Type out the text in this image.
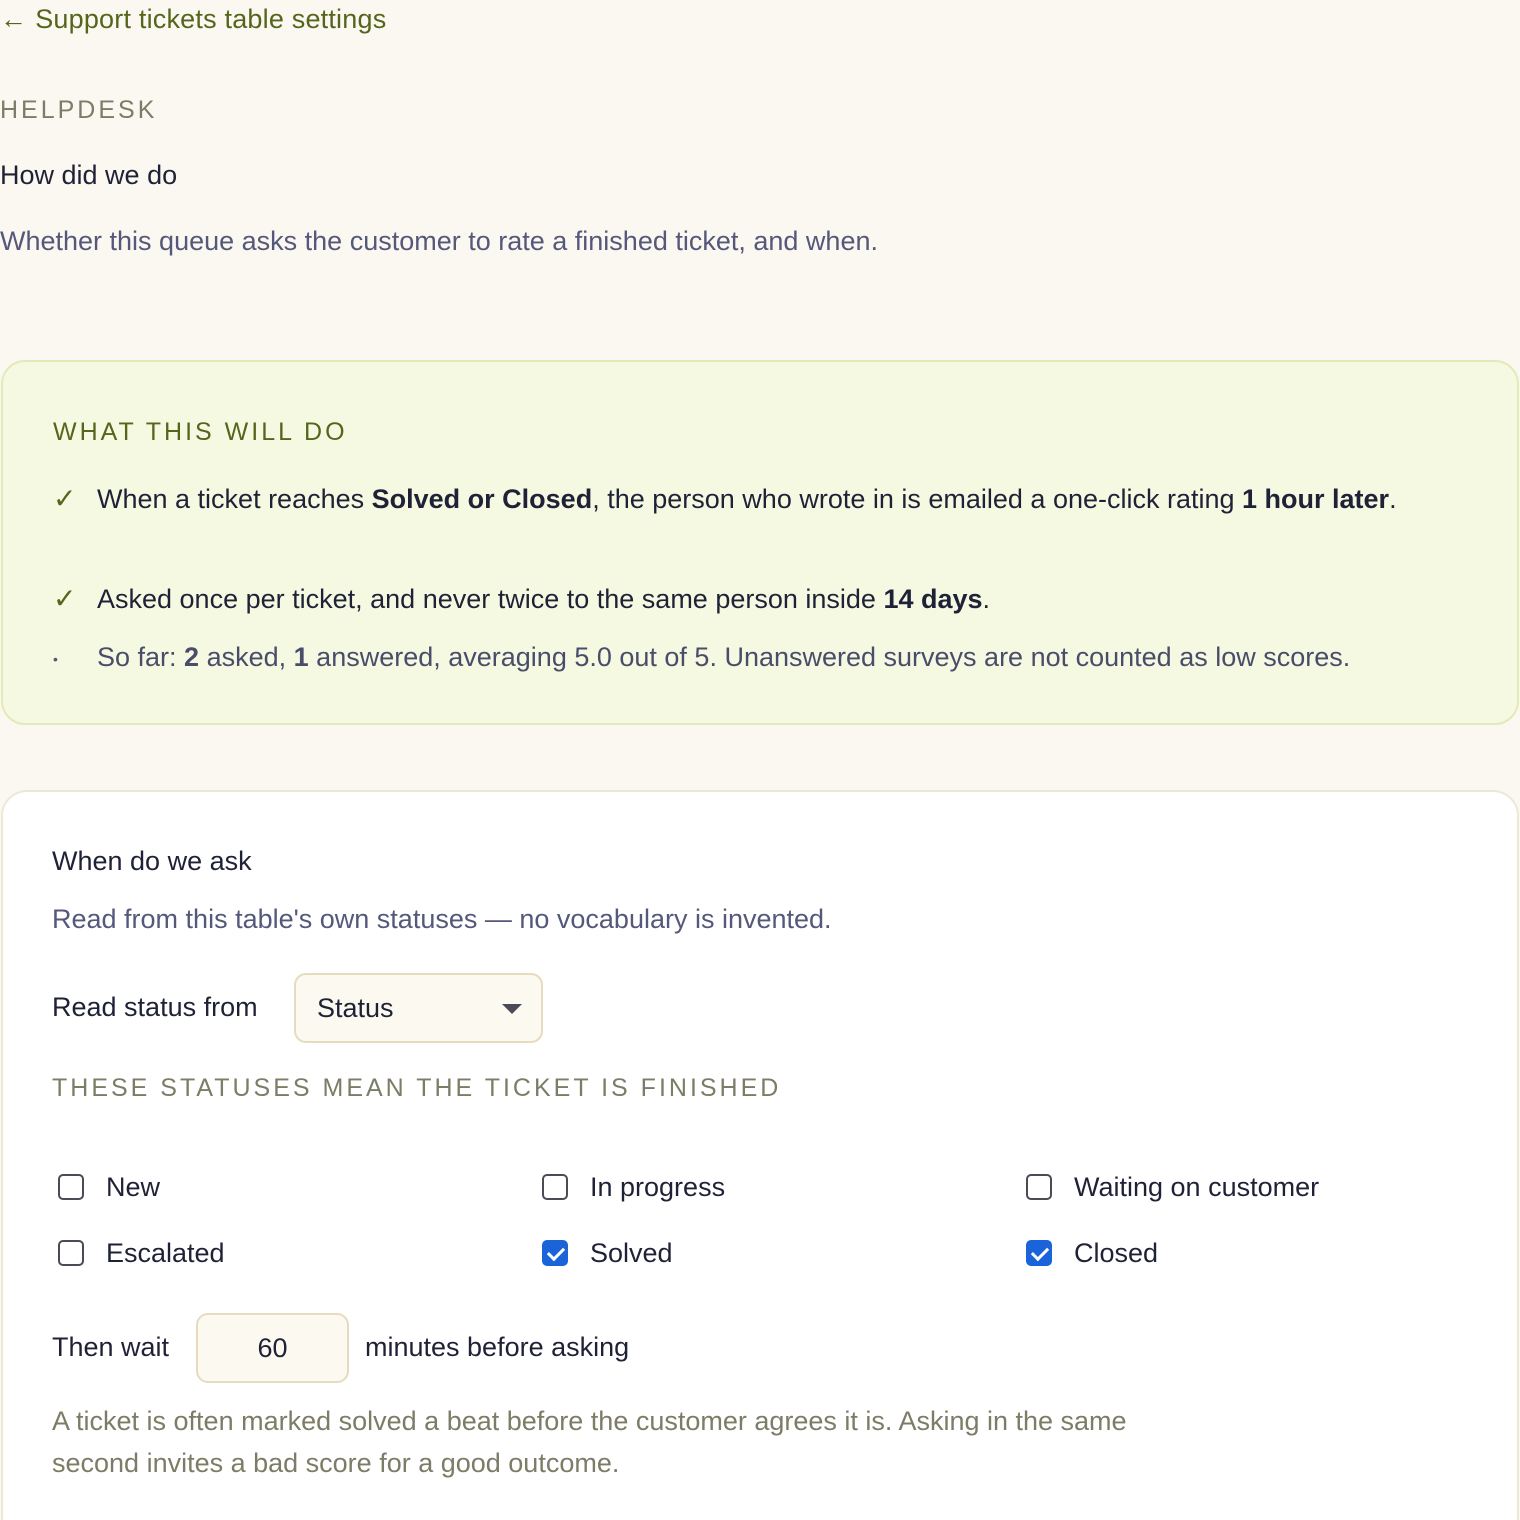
← Support tickets table settings
HELPDESK
How did we do

Whether this queue asks the customer to rate a finished ticket, and when.

WHAT THIS WILL DO
✓ When a ticket reaches Solved or Closed, the person who wrote in is emailed a one-click rating 1 hour later.
✓ Asked once per ticket, and never twice to the same person inside 14 days.
•	So far: 2 asked, 1 answered, averaging 5.0 out of 5. Unanswered surveys are not counted as low scores.
When do we ask

Read from this table's own statuses — no vocabulary is invented.

Read status from Status
THESE STATUSES MEAN THE TICKET IS FINISHED
New	In progress	Waiting on customer
Escalated	Solved	Closed
Then wait
60	minutes before asking

A ticket is often marked solved a beat before the customer agrees it is. Asking in the same second invites a bad score for a good outcome.
